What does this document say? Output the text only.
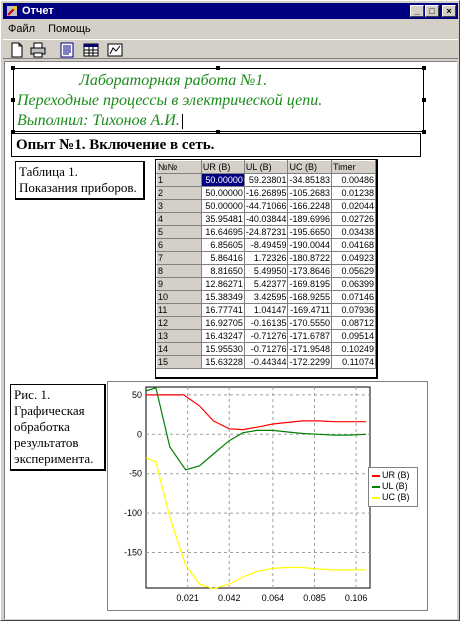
Отчет	_	□	×
Файл Помощь
Лабораторная работа №1.
Переходные процессы в электрической цепи.
Выполнил: Тихонов А.И.
Опыт №1. Включение в сеть.
Таблица 1.
Показания приборов.
№№	UR (B)	UL (B)	UC (B)	Timer
1	50.00000	59.23801	-34.85183	0.00486
2	50.00000	-16.26895	-105.2683	0.01238
3	50.00000	-44.71066	-166.2248	0.02044
4	35.95481	-40.03844	-189.6996	0.02726
5	16.64695	-24.87231	-195.6650	0.03438
6	6.85605	-8.49459	-190.0044	0.04168
7	5.86416	1.72326	-180.8722	0.04923
8	8.81650	5.49950	-173.8646	0.05629
9	12.86271	5.42377	-169.8195	0.06399
10	15.38349	3.42595	-168.9255	0.07146
11	16.77741	1.04147	-169.4711	0.07936
12	16.92705	-0.16135	-170.5550	0.08712
13	16.43247	-0.71276	-171.6787	0.09514
14	15.95530	-0.71276	-171.9548	0.10249
15	15.63228	-0.44344	-172.2299	0.11074
Рис. 1.
Графическая
обработка
результатов
эксперимента.
50
0
-50
-100
-150
0.021 0.042 0.064 0.085 0.106
UR (B)
UL (B)
UC (B)
